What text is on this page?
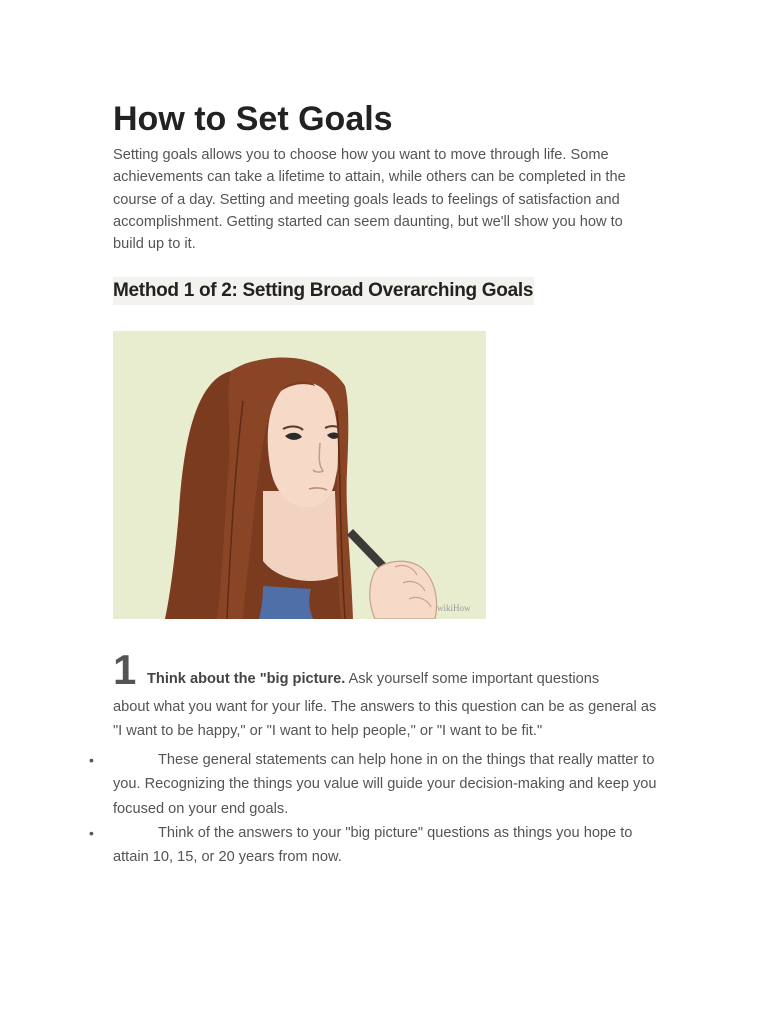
How to Set Goals

Setting goals allows you to choose how you want to move through life. Some achievements can take a lifetime to attain, while others can be completed in the course of a day. Setting and meeting goals leads to feelings of satisfaction and accomplishment. Getting started can seem daunting, but we'll show you how to build up to it.

Method 1 of 2: Setting Broad Overarching Goals
wikiHow
1 Think about the "big picture. Ask yourself some important questions

about what you want for your life. The answers to this question can be as general as "I want to be happy," or "I want to help people," or "I want to be fit."

•	These general statements can help hone in on the things that really matter to you. Recognizing the things you value will guide your decision-making and keep you focused on your end goals.

•	Think of the answers to your "big picture" questions as things you hope to attain 10, 15, or 20 years from now.
